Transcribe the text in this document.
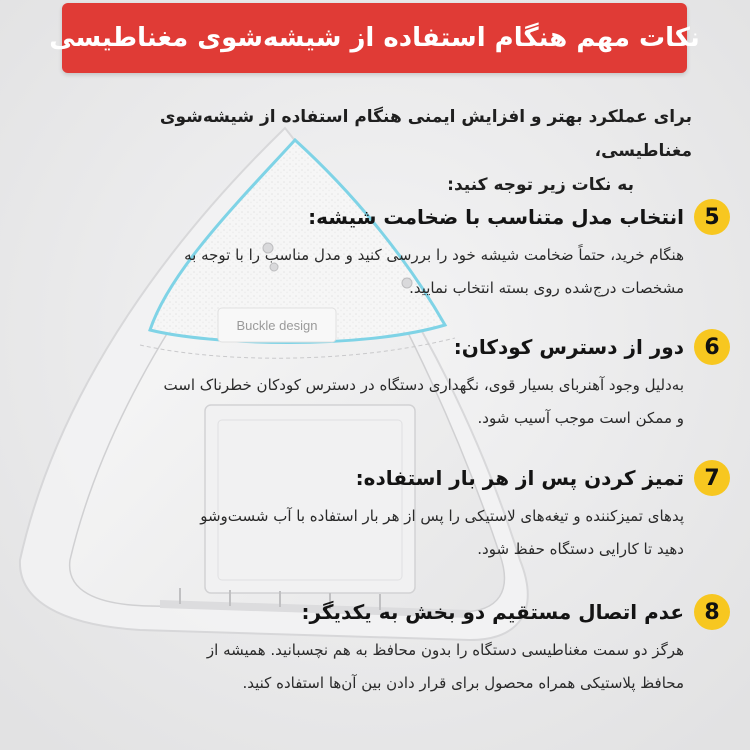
Buckle design
نکات مهم هنگام استفاده از شیشه‌شوی مغناطیسی
برای عملکرد بهتر و افزایش ایمنی هنگام استفاده از شیشه‌شوی مغناطیسی،
به نکات زیر توجه کنید:
5
انتخاب مدل متناسب با ضخامت شیشه:
هنگام خرید، حتماً ضخامت شیشه خود را بررسی کنید و مدل مناسب را با توجه به
مشخصات درج‌شده روی بسته انتخاب نمایید.
6
دور از دسترس کودکان:
به‌دلیل وجود آهنربای بسیار قوی، نگهداری دستگاه در دسترس کودکان خطرناک است
و ممکن است موجب آسیب شود.
7
تمیز کردن پس از هر بار استفاده:
پدهای تمیزکننده و تیغه‌های لاستیکی را پس از هر بار استفاده با آب شست‌وشو
دهید تا کارایی دستگاه حفظ شود.
8
عدم اتصال مستقیم دو بخش به یکدیگر:
هرگز دو سمت مغناطیسی دستگاه را بدون محافظ به هم نچسبانید. همیشه از
محافظ پلاستیکی همراه محصول برای قرار دادن بین آن‌ها استفاده کنید.
